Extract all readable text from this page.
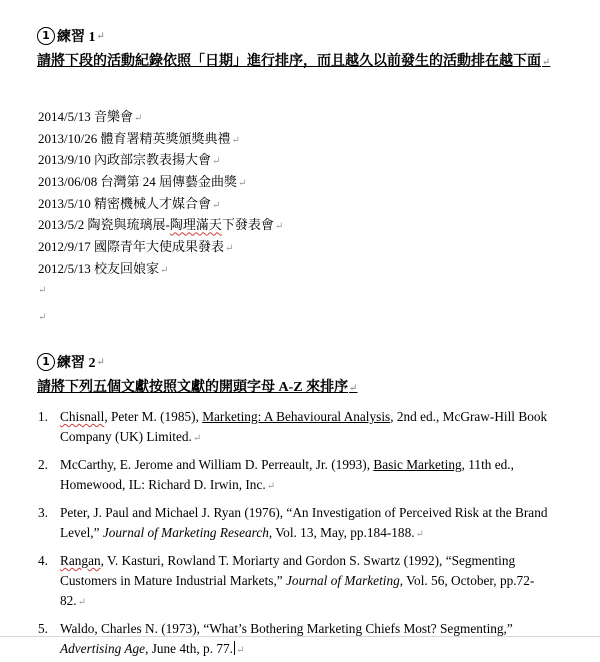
1 練習 1 ↵
請將下段的活動紀錄依照「日期」進行排序，而且越久以前發生的活動排在越下面↵
2014/5/13 音樂會↵
2013/10/26 體育署精英獎頒獎典禮↵
2013/9/10 內政部宗教表揚大會↵
2013/06/08 台灣第 24 屆傳藝金曲獎↵
2013/5/10 精密機械人才媒合會↵
2013/5/2 陶瓷與琉璃展-陶理滿天下發表會↵
2012/9/17 國際青年大使成果發表↵
2012/5/13 校友回娘家↵
↵
↵
1 練習 2 ↵
請將下列五個文獻按照文獻的開頭字母 A-Z 來排序↵
1. Chisnall, Peter M. (1985), Marketing: A Behavioural Analysis, 2nd ed., McGraw-Hill Book Company (UK) Limited.↵
2. McCarthy, E. Jerome and William D. Perreault, Jr. (1993), Basic Marketing, 11th ed., Homewood, IL: Richard D. Irwin, Inc.↵
3. Peter, J. Paul and Michael J. Ryan (1976), “An Investigation of Perceived Risk at the Brand Level,” Journal of Marketing Research, Vol. 13, May, pp.184-188.↵
4. Rangan, V. Kasturi, Rowland T. Moriarty and Gordon S. Swartz (1992), “Segmenting Customers in Mature Industrial Markets,” Journal of Marketing, Vol. 56, October, pp.72-82.↵
5. Waldo, Charles N. (1973), “What’s Bothering Marketing Chiefs Most? Segmenting,” Advertising Age, June 4th, p. 77. ↵
